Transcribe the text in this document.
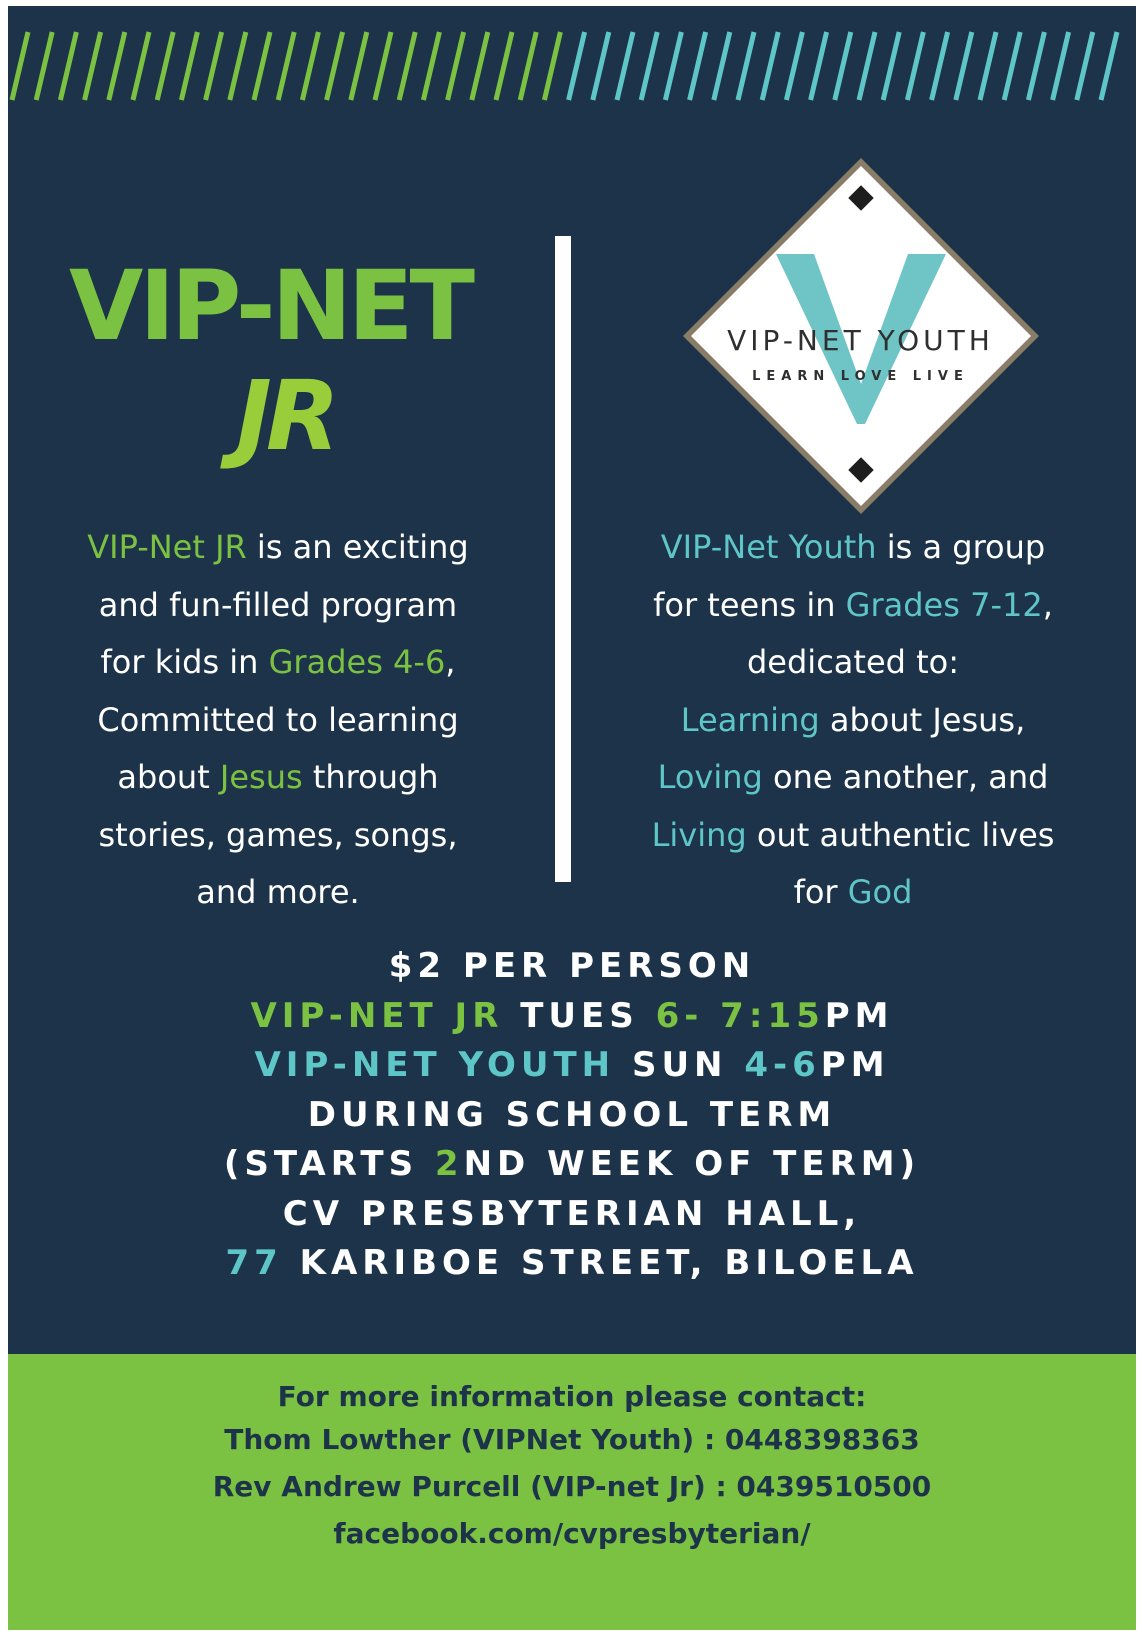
VIP-NET
JR
VIP-NET YOUTH
LEARN LOVE LIVE
VIP-Net JR is an exciting
and fun-filled program
for kids in Grades 4-6,
Committed to learning
about Jesus through
stories, games, songs,
and more.
VIP-Net Youth is a group
for teens in Grades 7-12,
dedicated to:
Learning about Jesus,
Loving one another, and
Living out authentic lives
for God
$2 PER PERSON
VIP-NET JR TUES 6- 7:15PM
VIP-NET YOUTH SUN 4-6PM
DURING SCHOOL TERM
(STARTS 2ND WEEK OF TERM)
CV PRESBYTERIAN HALL,
77 KARIBOE STREET, BILOELA
For more information please contact:
Thom Lowther (VIPNet Youth) : 0448398363
Rev Andrew Purcell (VIP-net Jr) : 0439510500
facebook.com/cvpresbyterian/
